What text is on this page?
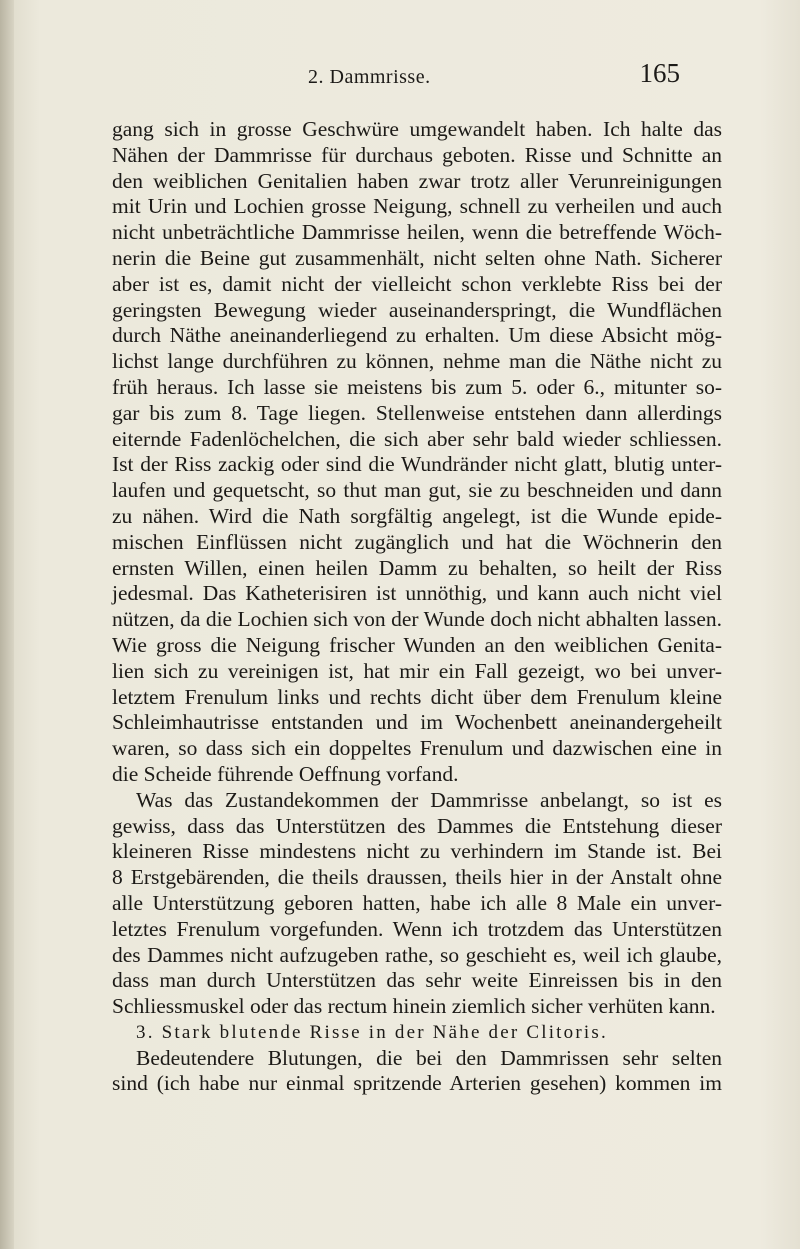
2. Dammrisse.	165
gang sich in grosse Geschwüre umgewandelt haben. Ich halte das
Nähen der Dammrisse für durchaus geboten. Risse und Schnitte an
den weiblichen Genitalien haben zwar trotz aller Verunreinigungen
mit Urin und Lochien grosse Neigung, schnell zu verheilen und auch
nicht unbeträchtliche Dammrisse heilen, wenn die betreffende Wöch-
nerin die Beine gut zusammenhält, nicht selten ohne Nath. Sicherer
aber ist es, damit nicht der vielleicht schon verklebte Riss bei der
geringsten Bewegung wieder auseinanderspringt, die Wundflächen
durch Näthe aneinanderliegend zu erhalten. Um diese Absicht mög-
lichst lange durchführen zu können, nehme man die Näthe nicht zu
früh heraus. Ich lasse sie meistens bis zum 5. oder 6., mitunter so-
gar bis zum 8. Tage liegen. Stellenweise entstehen dann allerdings
eiternde Fadenlöchelchen, die sich aber sehr bald wieder schliessen.
Ist der Riss zackig oder sind die Wundränder nicht glatt, blutig unter-
laufen und gequetscht, so thut man gut, sie zu beschneiden und dann
zu nähen. Wird die Nath sorgfältig angelegt, ist die Wunde epide-
mischen Einflüssen nicht zugänglich und hat die Wöchnerin den
ernsten Willen, einen heilen Damm zu behalten, so heilt der Riss
jedesmal. Das Katheterisiren ist unnöthig, und kann auch nicht viel
nützen, da die Lochien sich von der Wunde doch nicht abhalten lassen.
Wie gross die Neigung frischer Wunden an den weiblichen Genita-
lien sich zu vereinigen ist, hat mir ein Fall gezeigt, wo bei unver-
letztem Frenulum links und rechts dicht über dem Frenulum kleine
Schleimhautrisse entstanden und im Wochenbett aneinandergeheilt
waren, so dass sich ein doppeltes Frenulum und dazwischen eine in
die Scheide führende Oeffnung vorfand.
Was das Zustandekommen der Dammrisse anbelangt, so ist es
gewiss, dass das Unterstützen des Dammes die Entstehung dieser
kleineren Risse mindestens nicht zu verhindern im Stande ist. Bei
8 Erstgebärenden, die theils draussen, theils hier in der Anstalt ohne
alle Unterstützung geboren hatten, habe ich alle 8 Male ein unver-
letztes Frenulum vorgefunden. Wenn ich trotzdem das Unterstützen
des Dammes nicht aufzugeben rathe, so geschieht es, weil ich glaube,
dass man durch Unterstützen das sehr weite Einreissen bis in den
Schliessmuskel oder das rectum hinein ziemlich sicher verhüten kann.
3. Stark blutende Risse in der Nähe der Clitoris.
Bedeutendere Blutungen, die bei den Dammrissen sehr selten
sind (ich habe nur einmal spritzende Arterien gesehen) kommen im
